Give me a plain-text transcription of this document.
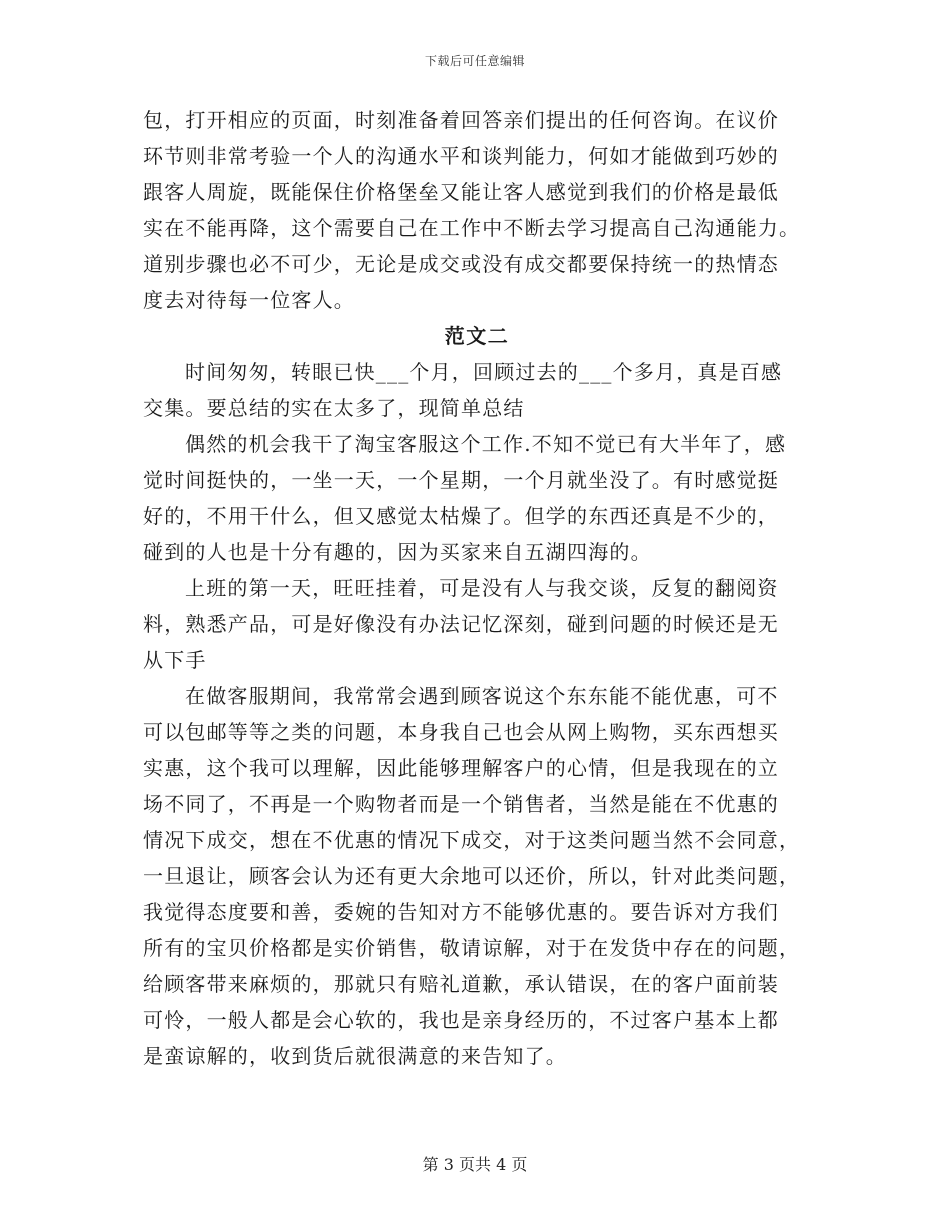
下载后可任意编辑
包，打开相应的页面，时刻准备着回答亲们提出的任何咨询。在议价
环节则非常考验一个人的沟通水平和谈判能力，何如才能做到巧妙的
跟客人周旋，既能保住价格堡垒又能让客人感觉到我们的价格是最低
实在不能再降，这个需要自己在工作中不断去学习提高自己沟通能力。
道别步骤也必不可少，无论是成交或没有成交都要保持统一的热情态
度去对待每一位客人。
范文二
时间匆匆，转眼已快___个月，回顾过去的___个多月，真是百感
交集。要总结的实在太多了，现简单总结
偶然的机会我干了淘宝客服这个工作.不知不觉已有大半年了，感
觉时间挺快的，一坐一天，一个星期，一个月就坐没了。有时感觉挺
好的，不用干什么，但又感觉太枯燥了。但学的东西还真是不少的，
碰到的人也是十分有趣的，因为买家来自五湖四海的。
上班的第一天，旺旺挂着，可是没有人与我交谈，反复的翻阅资
料，熟悉产品，可是好像没有办法记忆深刻，碰到问题的时候还是无
从下手
在做客服期间，我常常会遇到顾客说这个东东能不能优惠，可不
可以包邮等等之类的问题，本身我自己也会从网上购物，买东西想买
实惠，这个我可以理解，因此能够理解客户的心情，但是我现在的立
场不同了，不再是一个购物者而是一个销售者，当然是能在不优惠的
情况下成交，想在不优惠的情况下成交，对于这类问题当然不会同意，
一旦退让，顾客会认为还有更大余地可以还价，所以，针对此类问题，
我觉得态度要和善，委婉的告知对方不能够优惠的。要告诉对方我们
所有的宝贝价格都是实价销售，敬请谅解，对于在发货中存在的问题，
给顾客带来麻烦的，那就只有赔礼道歉，承认错误，在的客户面前装
可怜，一般人都是会心软的，我也是亲身经历的，不过客户基本上都
是蛮谅解的，收到货后就很满意的来告知了。
第 3 页共 4 页
